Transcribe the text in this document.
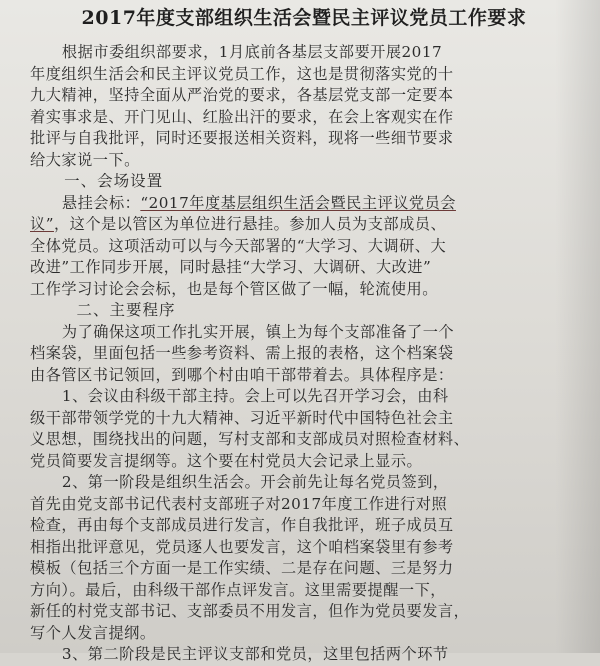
2017年度支部组织生活会暨民主评议党员工作要求
根据市委组织部要求，1月底前各基层支部要开展2017
年度组织生活会和民主评议党员工作，这也是贯彻落实党的十
九大精神，坚持全面从严治党的要求，各基层党支部一定要本
着实事求是、开门见山、红脸出汗的要求，在会上客观实在作
批评与自我批评，同时还要报送相关资料，现将一些细节要求
给大家说一下。
一、会场设置
悬挂会标：“2017年度基层组织生活会暨民主评议党员会
议”，这个是以管区为单位进行悬挂。参加人员为支部成员、
全体党员。这项活动可以与今天部署的“大学习、大调研、大
改进”工作同步开展，同时悬挂“大学习、大调研、大改进”
工作学习讨论会会标，也是每个管区做了一幅，轮流使用。
二、主要程序
为了确保这项工作扎实开展，镇上为每个支部准备了一个
档案袋，里面包括一些参考资料、需上报的表格，这个档案袋
由各管区书记领回，到哪个村由咱干部带着去。具体程序是：
1、会议由科级干部主持。会上可以先召开学习会，由科
级干部带领学党的十九大精神、习近平新时代中国特色社会主
义思想，围绕找出的问题，写村支部和支部成员对照检查材料、
党员简要发言提纲等。这个要在村党员大会记录上显示。
2、第一阶段是组织生活会。开会前先让每名党员签到，
首先由党支部书记代表村支部班子对2017年度工作进行对照
检查，再由每个支部成员进行发言，作自我批评，班子成员互
相指出批评意见，党员逐人也要发言，这个咱档案袋里有参考
模板（包括三个方面一是工作实绩、二是存在问题、三是努力
方向）。最后，由科级干部作点评发言。这里需要提醒一下，
新任的村党支部书记、支部委员不用发言，但作为党员要发言，
写个人发言提纲。
3、第二阶段是民主评议支部和党员，这里包括两个环节
